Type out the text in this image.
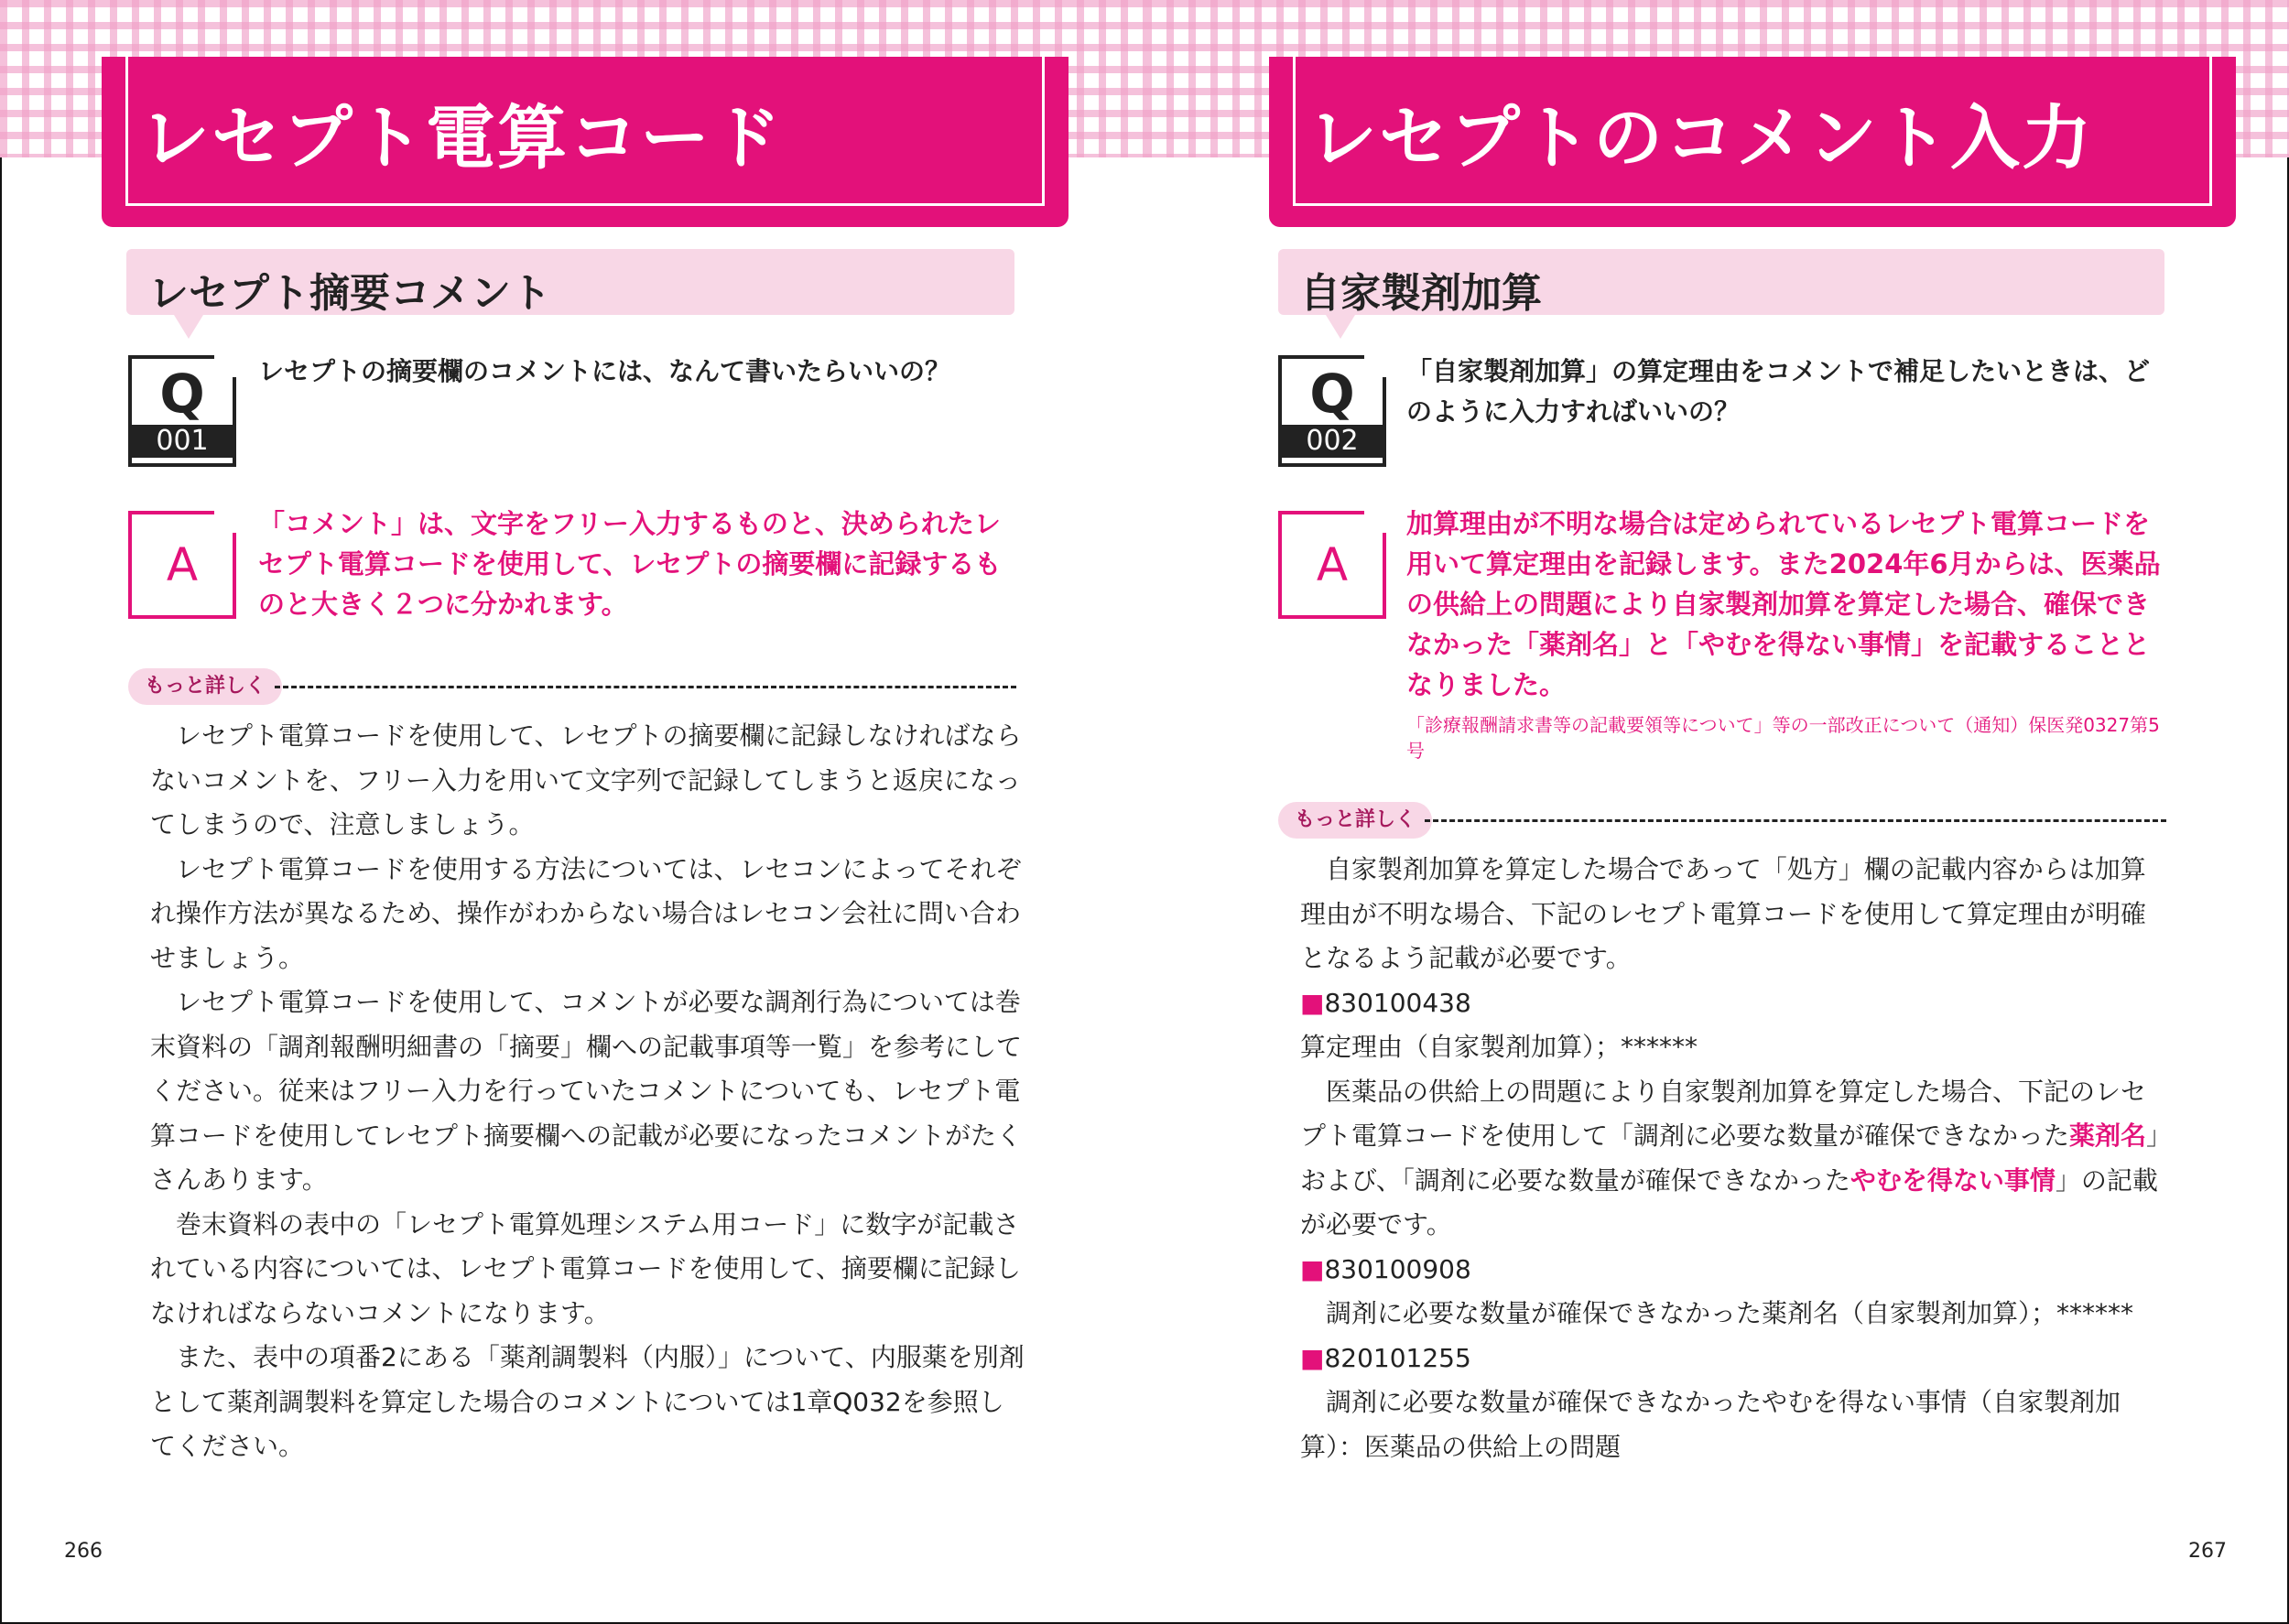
レセプト電算コード
レセプト摘要コメント
Q
001
レセプトの摘要欄のコメントには、なんて書いたらいいの？
A
「コメント」は、文字をフリー入力するものと、決められたレセプト電算コードを使用して、レセプトの摘要欄に記録するものと大きく２つに分かれます。
もっと詳しく

レセプト電算コードを使用して、レセプトの摘要欄に記録しなければならないコメントを、フリー入力を用いて文字列で記録してしまうと返戻になってしまうので、注意しましょう。

レセプト電算コードを使用する方法については、レセコンによってそれぞれ操作方法が異なるため、操作がわからない場合はレセコン会社に問い合わせましょう。

レセプト電算コードを使用して、コメントが必要な調剤行為については巻末資料の「調剤報酬明細書の「摘要」欄への記載事項等一覧」を参考にしてください。従来はフリー入力を行っていたコメントについても、レセプト電算コードを使用してレセプト摘要欄への記載が必要になったコメントがたくさんあります。

巻末資料の表中の「レセプト電算処理システム用コード」に数字が記載されている内容については、レセプト電算コードを使用して、摘要欄に記録しなければならないコメントになります。

また、表中の項番2にある「薬剤調製料（内服）」について、内服薬を別剤として薬剤調製料を算定した場合のコメントについては1章Q032を参照してください。

266
レセプトのコメント入力
自家製剤加算
Q
002
「自家製剤加算」の算定理由をコメントで補足したいときは、どのように入力すればいいの？
A
加算理由が不明な場合は定められているレセプト電算コードを用いて算定理由を記録します。また2024年6月からは、医薬品の供給上の問題により自家製剤加算を算定した場合、確保できなかった「薬剤名」と「やむを得ない事情」を記載することとなりました。
「診療報酬請求書等の記載要領等について」等の一部改正について（通知）保医発0327第5号
もっと詳しく

自家製剤加算を算定した場合であって「処方」欄の記載内容からは加算理由が不明な場合、下記のレセプト電算コードを使用して算定理由が明確となるよう記載が必要です。

■830100438

算定理由（自家製剤加算）；******

医薬品の供給上の問題により自家製剤加算を算定した場合、下記のレセプト電算コードを使用して「調剤に必要な数量が確保できなかった薬剤名」および、「調剤に必要な数量が確保できなかったやむを得ない事情」の記載が必要です。

■830100908

調剤に必要な数量が確保できなかった薬剤名（自家製剤加算）；******

■820101255

調剤に必要な数量が確保できなかったやむを得ない事情（自家製剤加算）：医薬品の供給上の問題

267
